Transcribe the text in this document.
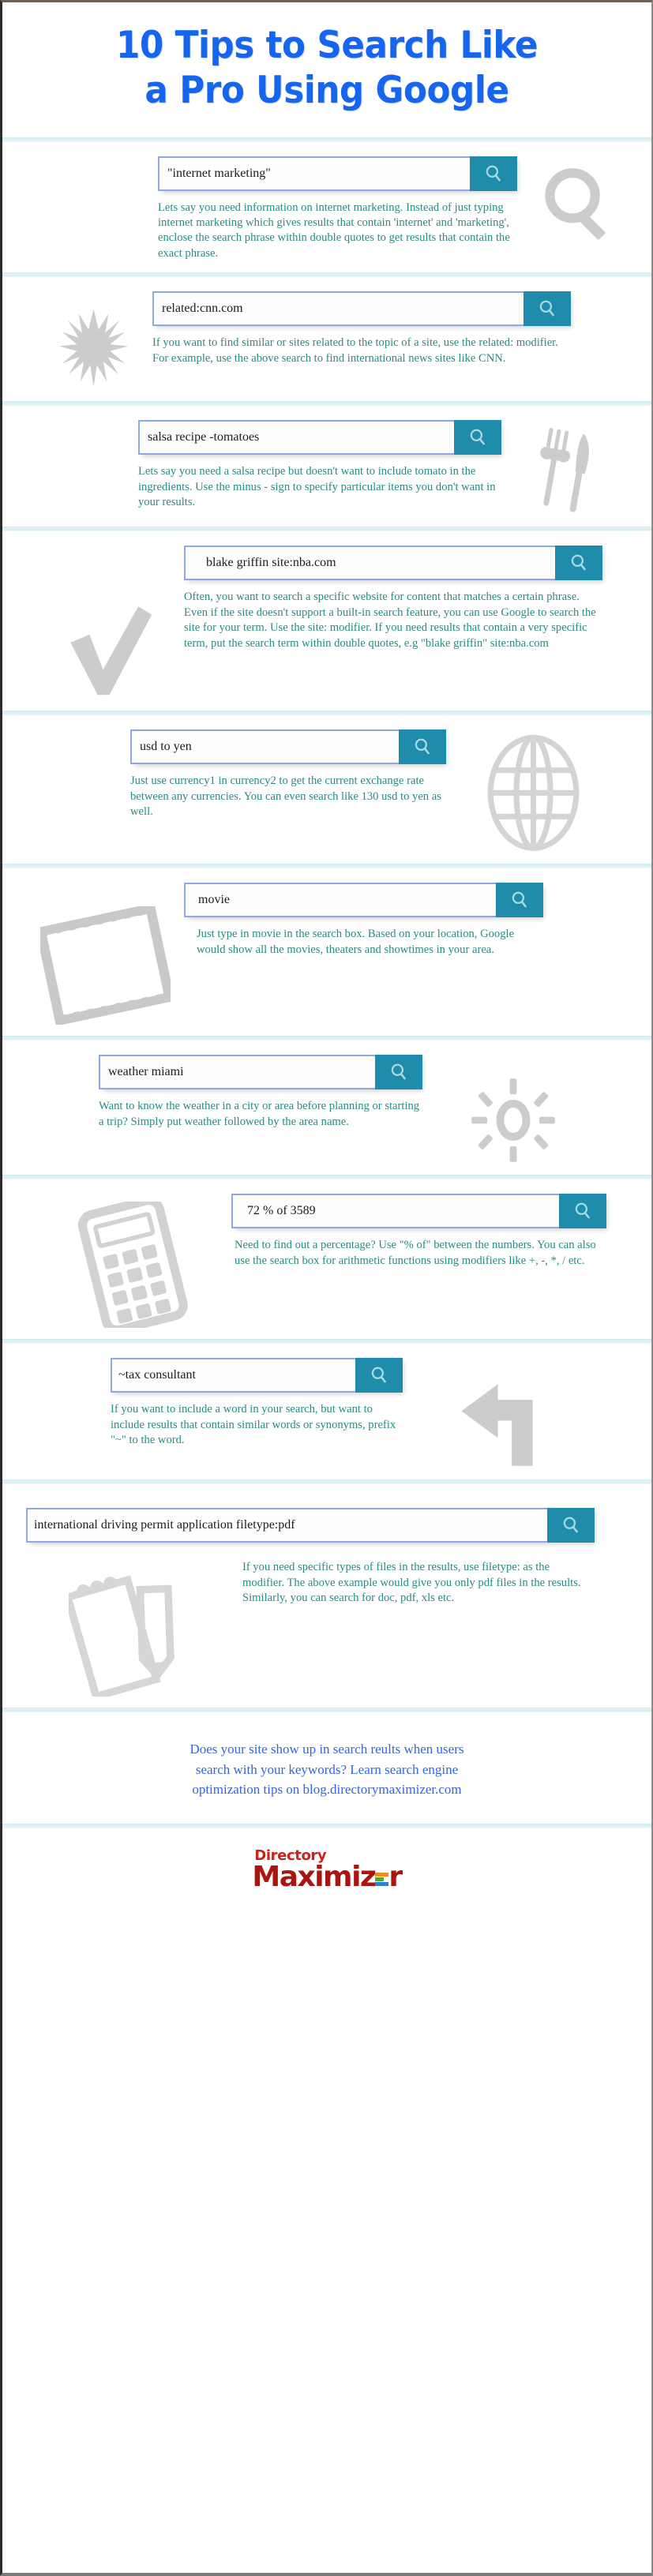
10 Tips to Search Like
a Pro Using Google
"internet marketing"

Lets say you need information on internet marketing. Instead of just typing internet marketing which gives results that contain 'internet' and 'marketing', enclose the search phrase within double quotes to get results that contain the exact phrase.

related:cnn.com

If you want to find similar or sites related to the topic of a site, use the related: modifier. For example, use the above search to find international news sites like CNN.

salsa recipe -tomatoes

Lets say you need a salsa recipe but doesn't want to include tomato in the ingredients. Use the minus - sign to specify particular items you don't want in your results.

blake griffin site:nba.com

Often, you want to search a specific website for content that matches a certain phrase. Even if the site doesn't support a built-in search feature, you can use Google to search the site for your term. Use the site: modifier. If you need results that contain a very specific term, put the search term within double quotes, e.g "blake griffin" site:nba.com

usd to yen

Just use currency1 in currency2 to get the current exchange rate between any currencies. You can even search like 130 usd to yen as well.

movie

Just type in movie in the search box. Based on your location, Google would show all the movies, theaters and showtimes in your area.

weather miami

Want to know the weather in a city or area before planning or starting a trip? Simply put weather followed by the area name.

72 % of 3589

Need to find out a percentage? Use "% of" between the numbers. You can also use the search box for arithmetic functions using modifiers like +, -, *, / etc.

~tax consultant

If you want to include a word in your search, but want to include results that contain similar words or synonyms, prefix "~" to the word.

international driving permit application filetype:pdf

If you need specific types of files in the results, use filetype: as the modifier. The above example would give you only pdf files in the results. Similarly, you can search for doc, pdf, xls etc.

Does your site show up in search reults when users
search with your keywords? Learn search engine
optimization tips on blog.directorymaximizer.com
Directory
Maximiz r
